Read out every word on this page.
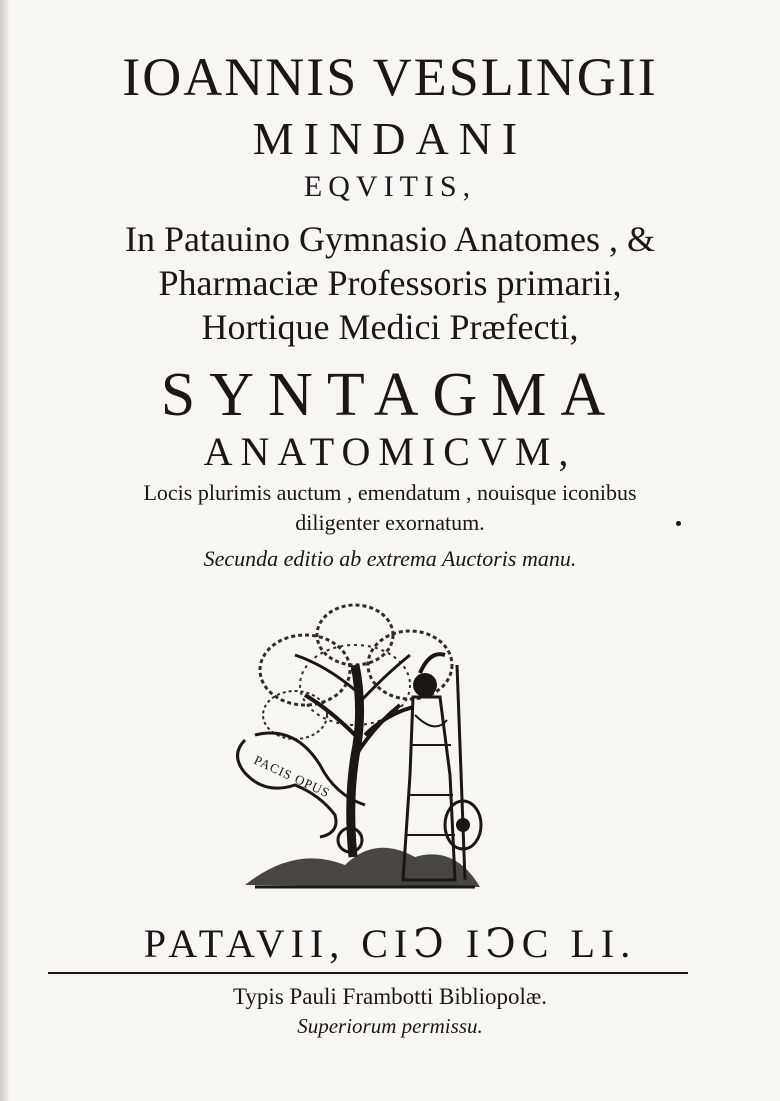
IOANNIS VESLINGII
MINDANI
EQVITIS,
In Patauino Gymnasio Anatomes , &
Pharmaciæ Professoris primarii,
Hortique Medici Præfecti,
SYNTAGMA
ANATOMICVM,
Locis plurimis auctum , emendatum , nouisque iconibus
diligenter exornatum.
Secunda editio ab extrema Auctoris manu.
PACIS OPUS
PATAVII, CIↃ IↃC LI.
Typis Pauli Frambotti Bibliopolæ.
Superiorum permissu.
